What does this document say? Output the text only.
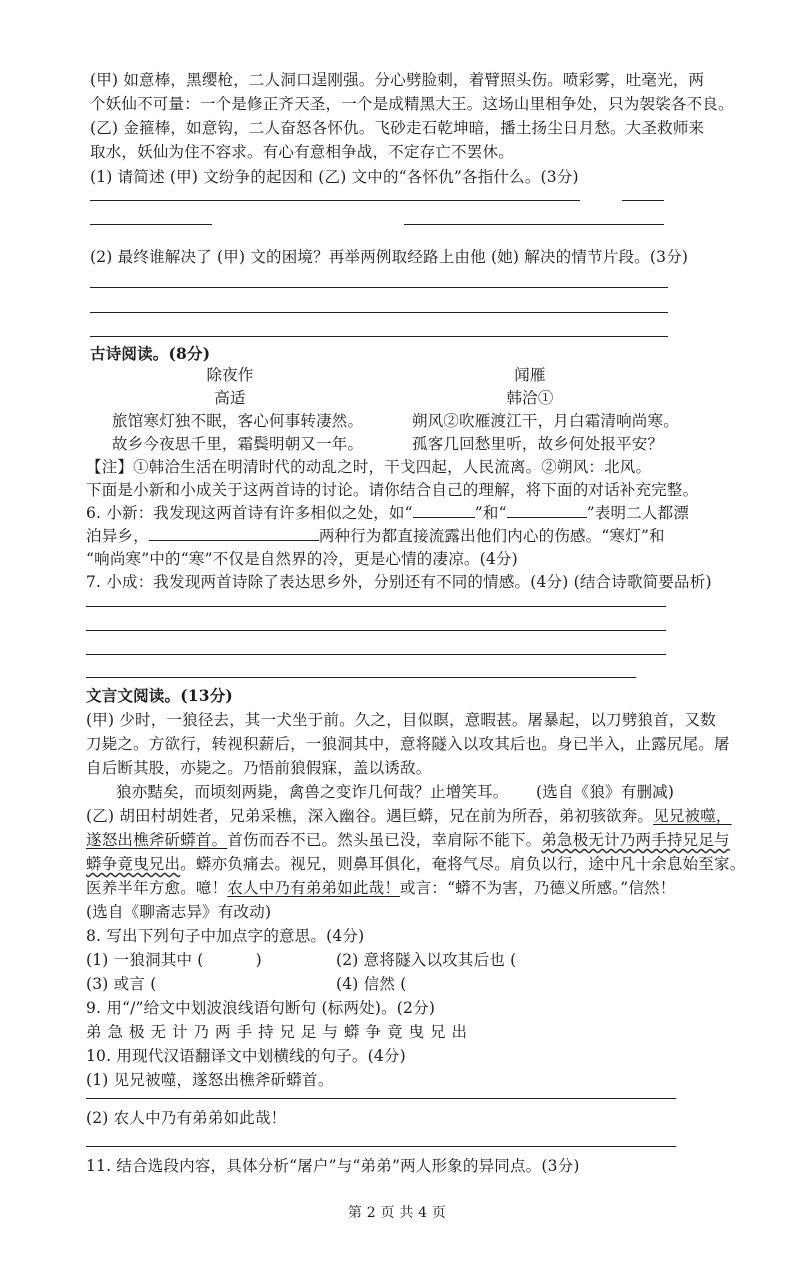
(甲) 如意棒，黑缨枪，二人洞口逞刚强。分心劈脸刺，着臂照头伤。喷彩雾，吐毫光，两
个妖仙不可量：一个是修正齐天圣，一个是成精黑大王。这场山里相争处，只为袈裟各不良。
(乙) 金箍棒，如意钩，二人奋怒各怀仇。飞砂走石乾坤暗，播土扬尘日月愁。大圣救师来
取水，妖仙为住不容求。有心有意相争战，不定存亡不罢休。
(1) 请简述 (甲) 文纷争的起因和 (乙) 文中的“各怀仇”各指什么。(3分)
(2) 最终谁解决了 (甲) 文的困境？再举两例取经路上由他 (她) 解决的情节片段。(3分)
古诗阅读。(8分)
除夜作
高适
旅馆寒灯独不眠，客心何事转凄然。
故乡今夜思千里，霜鬓明朝又一年。
闻雁
韩洽①
朔风②吹雁渡江干，月白霜清响尚寒。
孤客几回愁里听，故乡何处报平安？
【注】①韩洽生活在明清时代的动乱之时，干戈四起，人民流离。②朔风：北风。
下面是小新和小成关于这两首诗的讨论。请你结合自己的理解，将下面的对话补充完整。
6. 小新：我发现这两首诗有许多相似之处，如“	”和“	”表明二人都漂
泊异乡，	两种行为都直接流露出他们内心的伤感。“寒灯”和
“响尚寒”中的“寒”不仅是自然界的冷，更是心情的凄凉。(4分)
7. 小成：我发现两首诗除了表达思乡外，分别还有不同的情感。(4分) (结合诗歌简要品析)
文言文阅读。(13分)
(甲) 少时，一狼径去，其一犬坐于前。久之，目似瞑，意暇甚。屠暴起，以刀劈狼首，又数
刀毙之。方欲行，转视积薪后，一狼洞其中，意将隧入以攻其后也。身已半入，止露尻尾。屠
自后断其股，亦毙之。乃悟前狼假寐，盖以诱敌。
狼亦黠矣，而顷刻两毙，禽兽之变诈几何哉？止增笑耳。 (选自《狼》有删减)
(乙) 胡田村胡姓者，兄弟采樵，深入幽谷。遇巨蟒，兄在前为所吞，弟初骇欲奔。见兄被噬，
遂怒出樵斧斫蟒首。首伤而吞不已。然头虽已没，幸肩际不能下。弟急极无计乃两手持兄足与
蟒争竟曳兄出。蟒亦负痛去。视兄，则鼻耳俱化，奄将气尽。肩负以行，途中凡十余息始至家。
医养半年方愈。噫！农人中乃有弟弟如此哉！或言：“蟒不为害，乃德义所感。”信然！
(选自《聊斋志异》有改动)
8. 写出下列句子中加点字的意思。(4分)
(1) 一狼洞其中 (	)	(2) 意将隧入以攻其后也 (
(3) 或言 (	(4) 信然 (
9. 用“/”给文中划波浪线语句断句 (标两处)。(2分)
弟急极无计乃两手持兄足与蟒争竟曳兄出
10. 用现代汉语翻译文中划横线的句子。(4分)
(1) 见兄被噬，遂怒出樵斧斫蟒首。
(2) 农人中乃有弟弟如此哉！
11. 结合选段内容，具体分析“屠户”与“弟弟”两人形象的异同点。(3分)
第 2 页 共 4 页
